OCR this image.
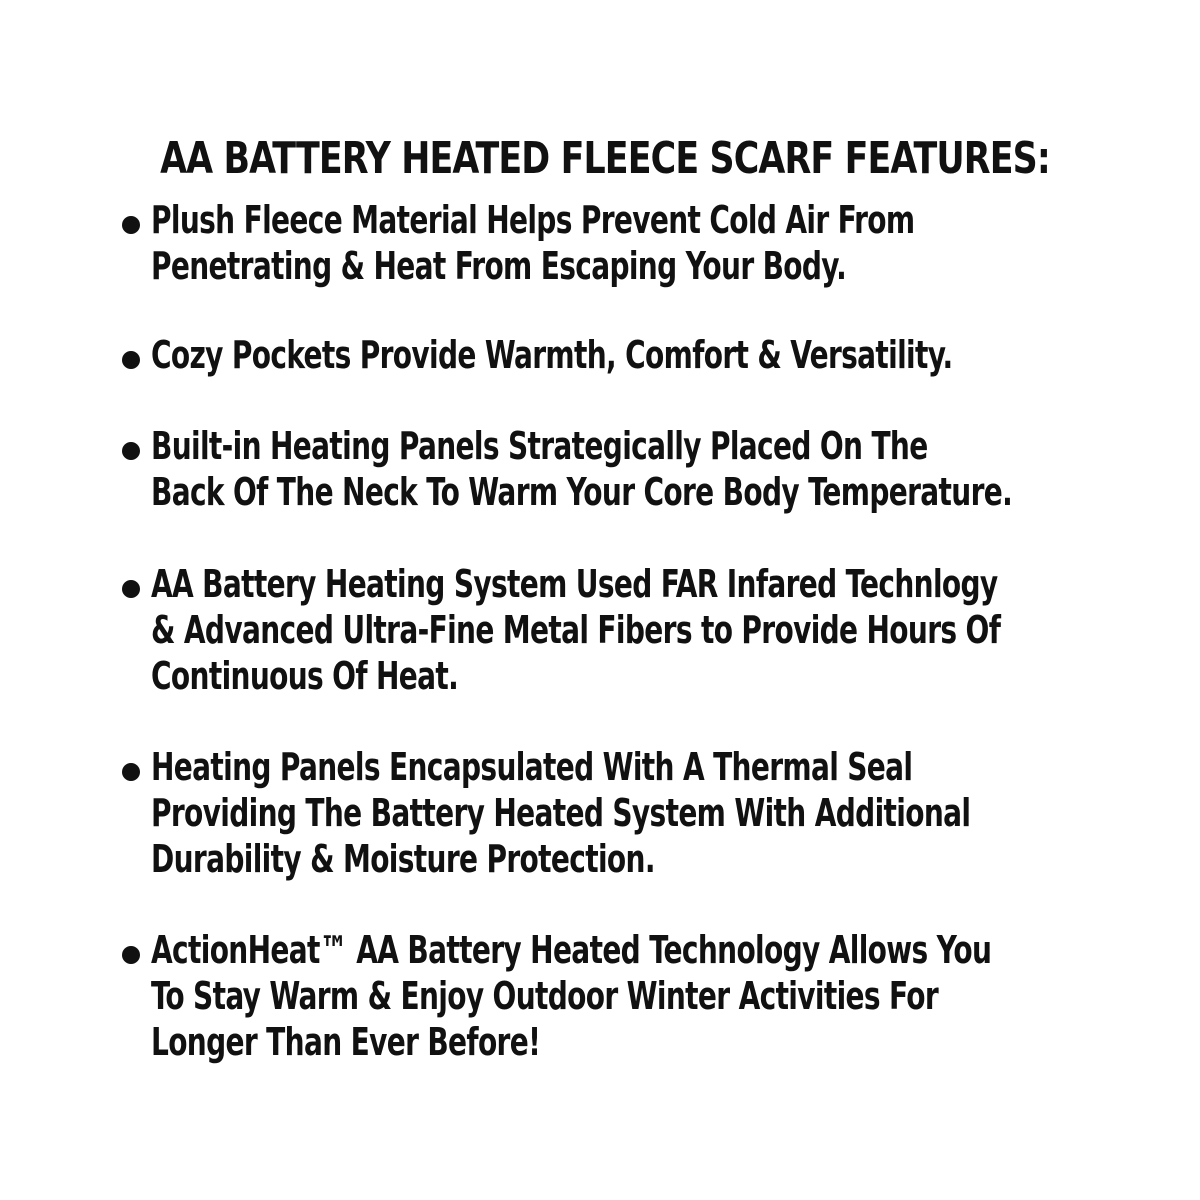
AA BATTERY HEATED FLEECE SCARF FEATURES:
Plush Fleece Material Helps Prevent Cold Air From
Penetrating & Heat From Escaping Your Body.
Cozy Pockets Provide Warmth, Comfort & Versatility.
Built-in Heating Panels Strategically Placed On The
Back Of The Neck To Warm Your Core Body Temperature.
AA Battery Heating System Used FAR Infared Technlogy
& Advanced Ultra-Fine Metal Fibers to Provide Hours Of
Continuous Of Heat.
Heating Panels Encapsulated With A Thermal Seal
Providing The Battery Heated System With Additional
Durability & Moisture Protection.
ActionHeat™ AA Battery Heated Technology Allows You
To Stay Warm & Enjoy Outdoor Winter Activities For
Longer Than Ever Before!
